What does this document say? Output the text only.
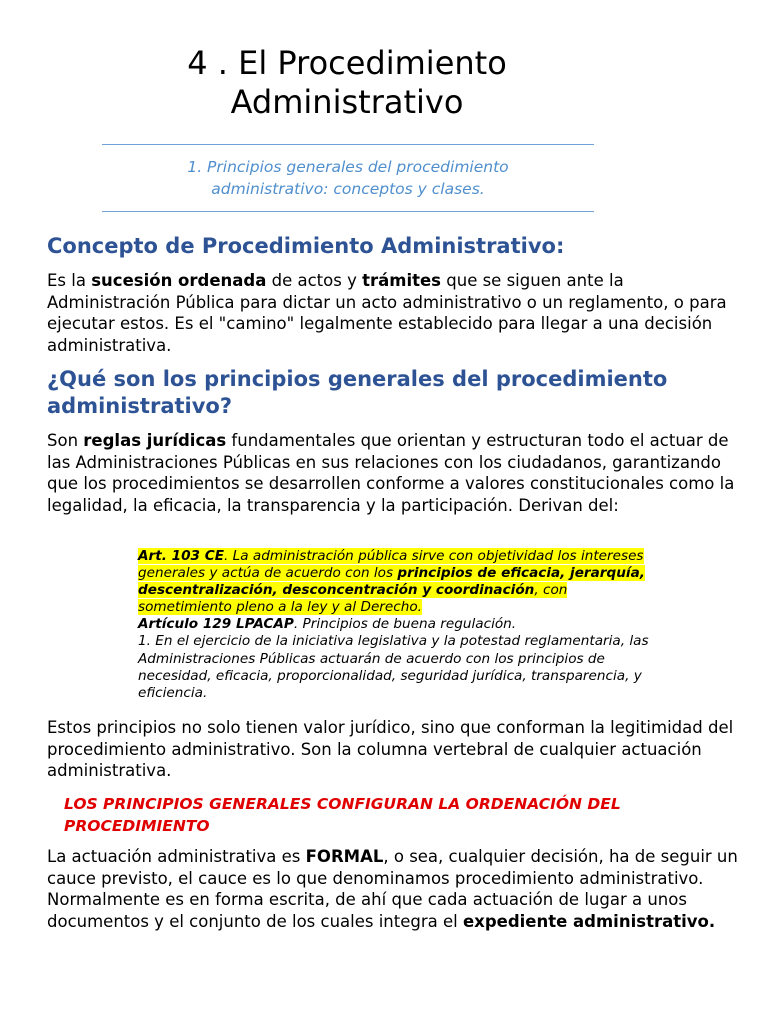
4 . El Procedimiento
Administrativo

1. Principios generales del procedimiento
administrativo: conceptos y clases.

Concepto de Procedimiento Administrativo:

Es la sucesión ordenada de actos y trámites que se siguen ante la Administración Pública para dictar un acto administrativo o un reglamento, o para ejecutar estos. Es el "camino" legalmente establecido para llegar a una decisión administrativa.

¿Qué son los principios generales del procedimiento administrativo?

Son reglas jurídicas fundamentales que orientan y estructuran todo el actuar de las Administraciones Públicas en sus relaciones con los ciudadanos, garantizando que los procedimientos se desarrollen conforme a valores constitucionales como la legalidad, la eficacia, la transparencia y la participación. Derivan del:

Art. 103 CE. La administración pública sirve con objetividad los intereses generales y actúa de acuerdo con los principios de eficacia, jerarquía, descentralización, desconcentración y coordinación, con sometimiento pleno a la ley y al Derecho.
Artículo 129 LPACAP. Principios de buena regulación.
1. En el ejercicio de la iniciativa legislativa y la potestad reglamentaria, las
Administraciones Públicas actuarán de acuerdo con los principios de necesidad, eficacia, proporcionalidad, seguridad jurídica, transparencia, y eficiencia.

Estos principios no solo tienen valor jurídico, sino que conforman la legitimidad del procedimiento administrativo. Son la columna vertebral de cualquier actuación administrativa.

LOS PRINCIPIOS GENERALES CONFIGURAN LA ORDENACIÓN DEL PROCEDIMIENTO

La actuación administrativa es FORMAL, o sea, cualquier decisión, ha de seguir un cauce previsto, el cauce es lo que denominamos procedimiento administrativo. Normalmente es en forma escrita, de ahí que cada actuación de lugar a unos documentos y el conjunto de los cuales integra el expediente administrativo.
